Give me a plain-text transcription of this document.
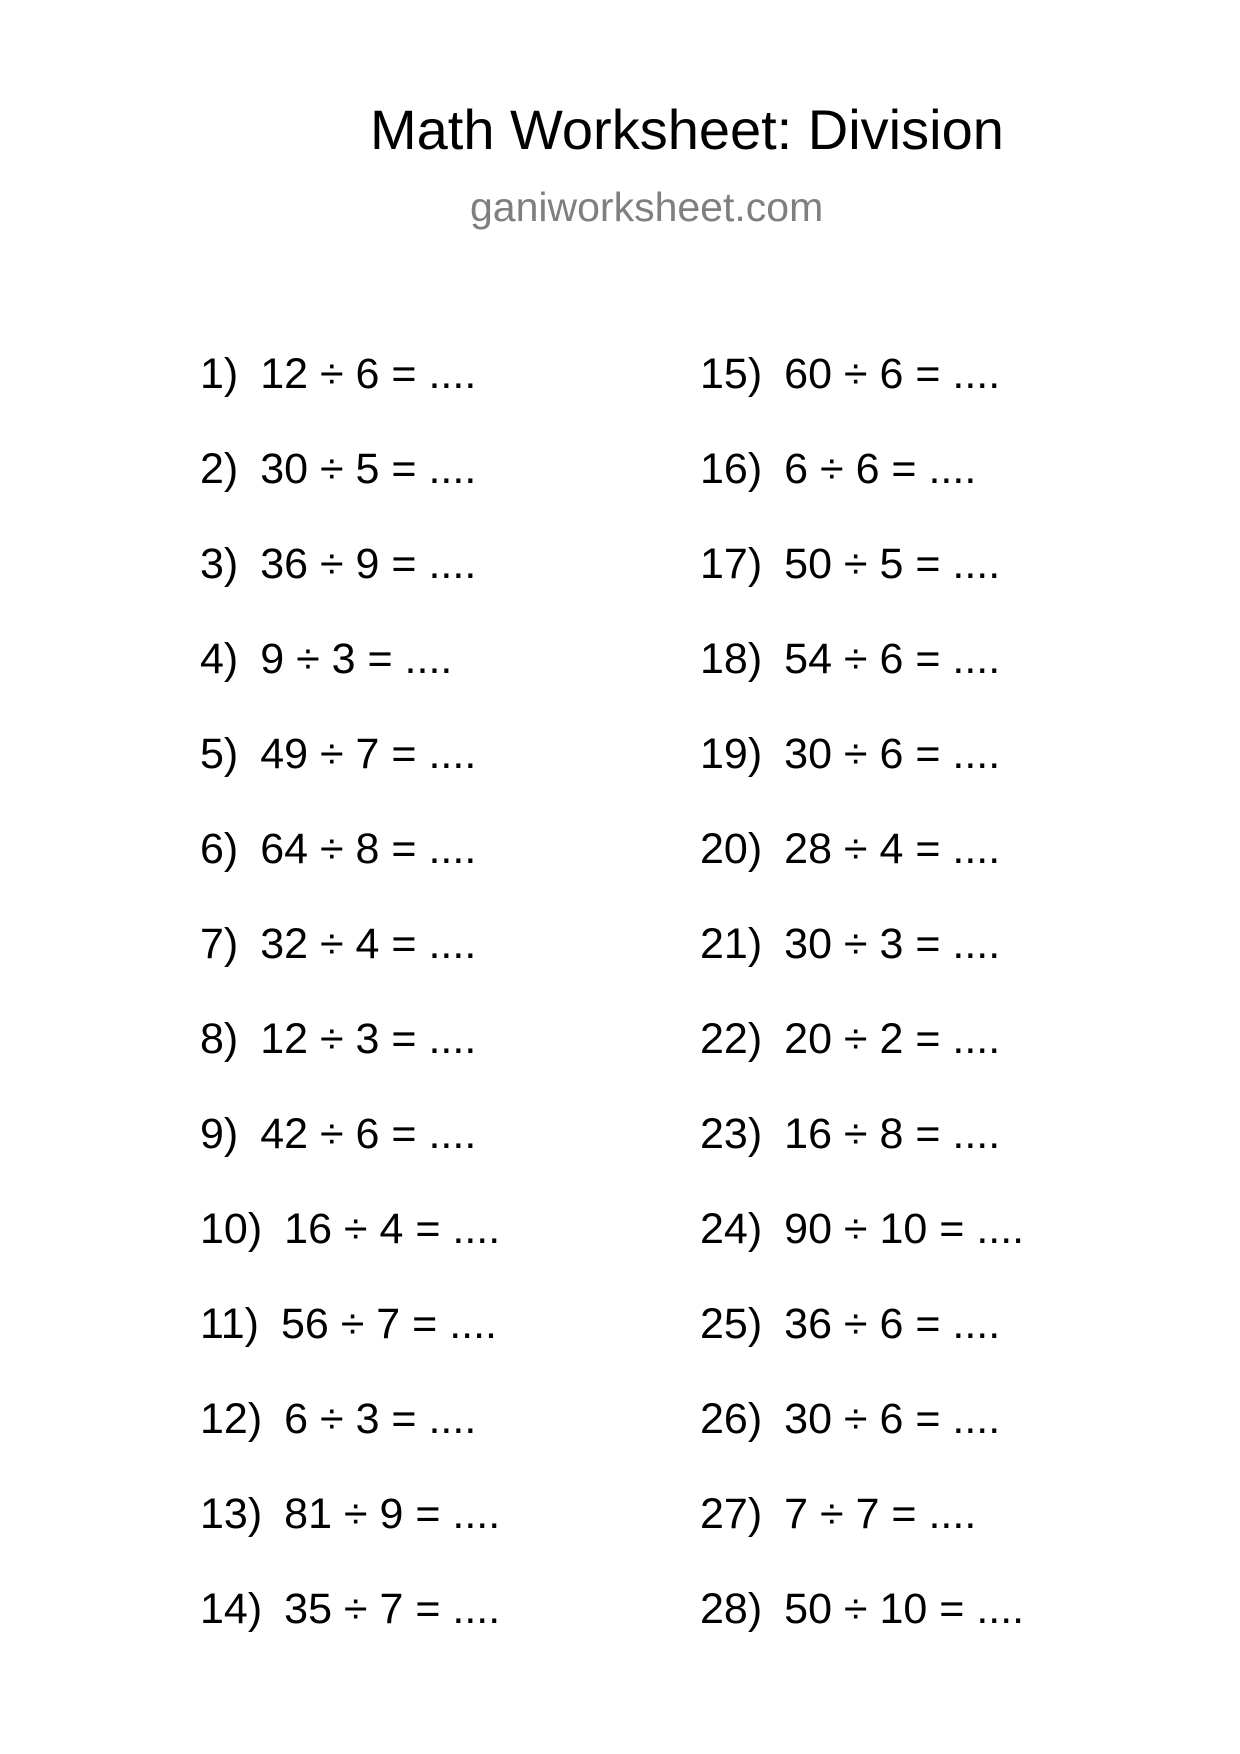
Math Worksheet: Division
ganiworksheet.com
1) 12 ÷ 6 = ....
2) 30 ÷ 5 = ....
3) 36 ÷ 9 = ....
4) 9 ÷ 3 = ....
5) 49 ÷ 7 = ....
6) 64 ÷ 8 = ....
7) 32 ÷ 4 = ....
8) 12 ÷ 3 = ....
9) 42 ÷ 6 = ....
10) 16 ÷ 4 = ....
11) 56 ÷ 7 = ....
12) 6 ÷ 3 = ....
13) 81 ÷ 9 = ....
14) 35 ÷ 7 = ....
15) 60 ÷ 6 = ....
16) 6 ÷ 6 = ....
17) 50 ÷ 5 = ....
18) 54 ÷ 6 = ....
19) 30 ÷ 6 = ....
20) 28 ÷ 4 = ....
21) 30 ÷ 3 = ....
22) 20 ÷ 2 = ....
23) 16 ÷ 8 = ....
24) 90 ÷ 10 = ....
25) 36 ÷ 6 = ....
26) 30 ÷ 6 = ....
27) 7 ÷ 7 = ....
28) 50 ÷ 10 = ....
